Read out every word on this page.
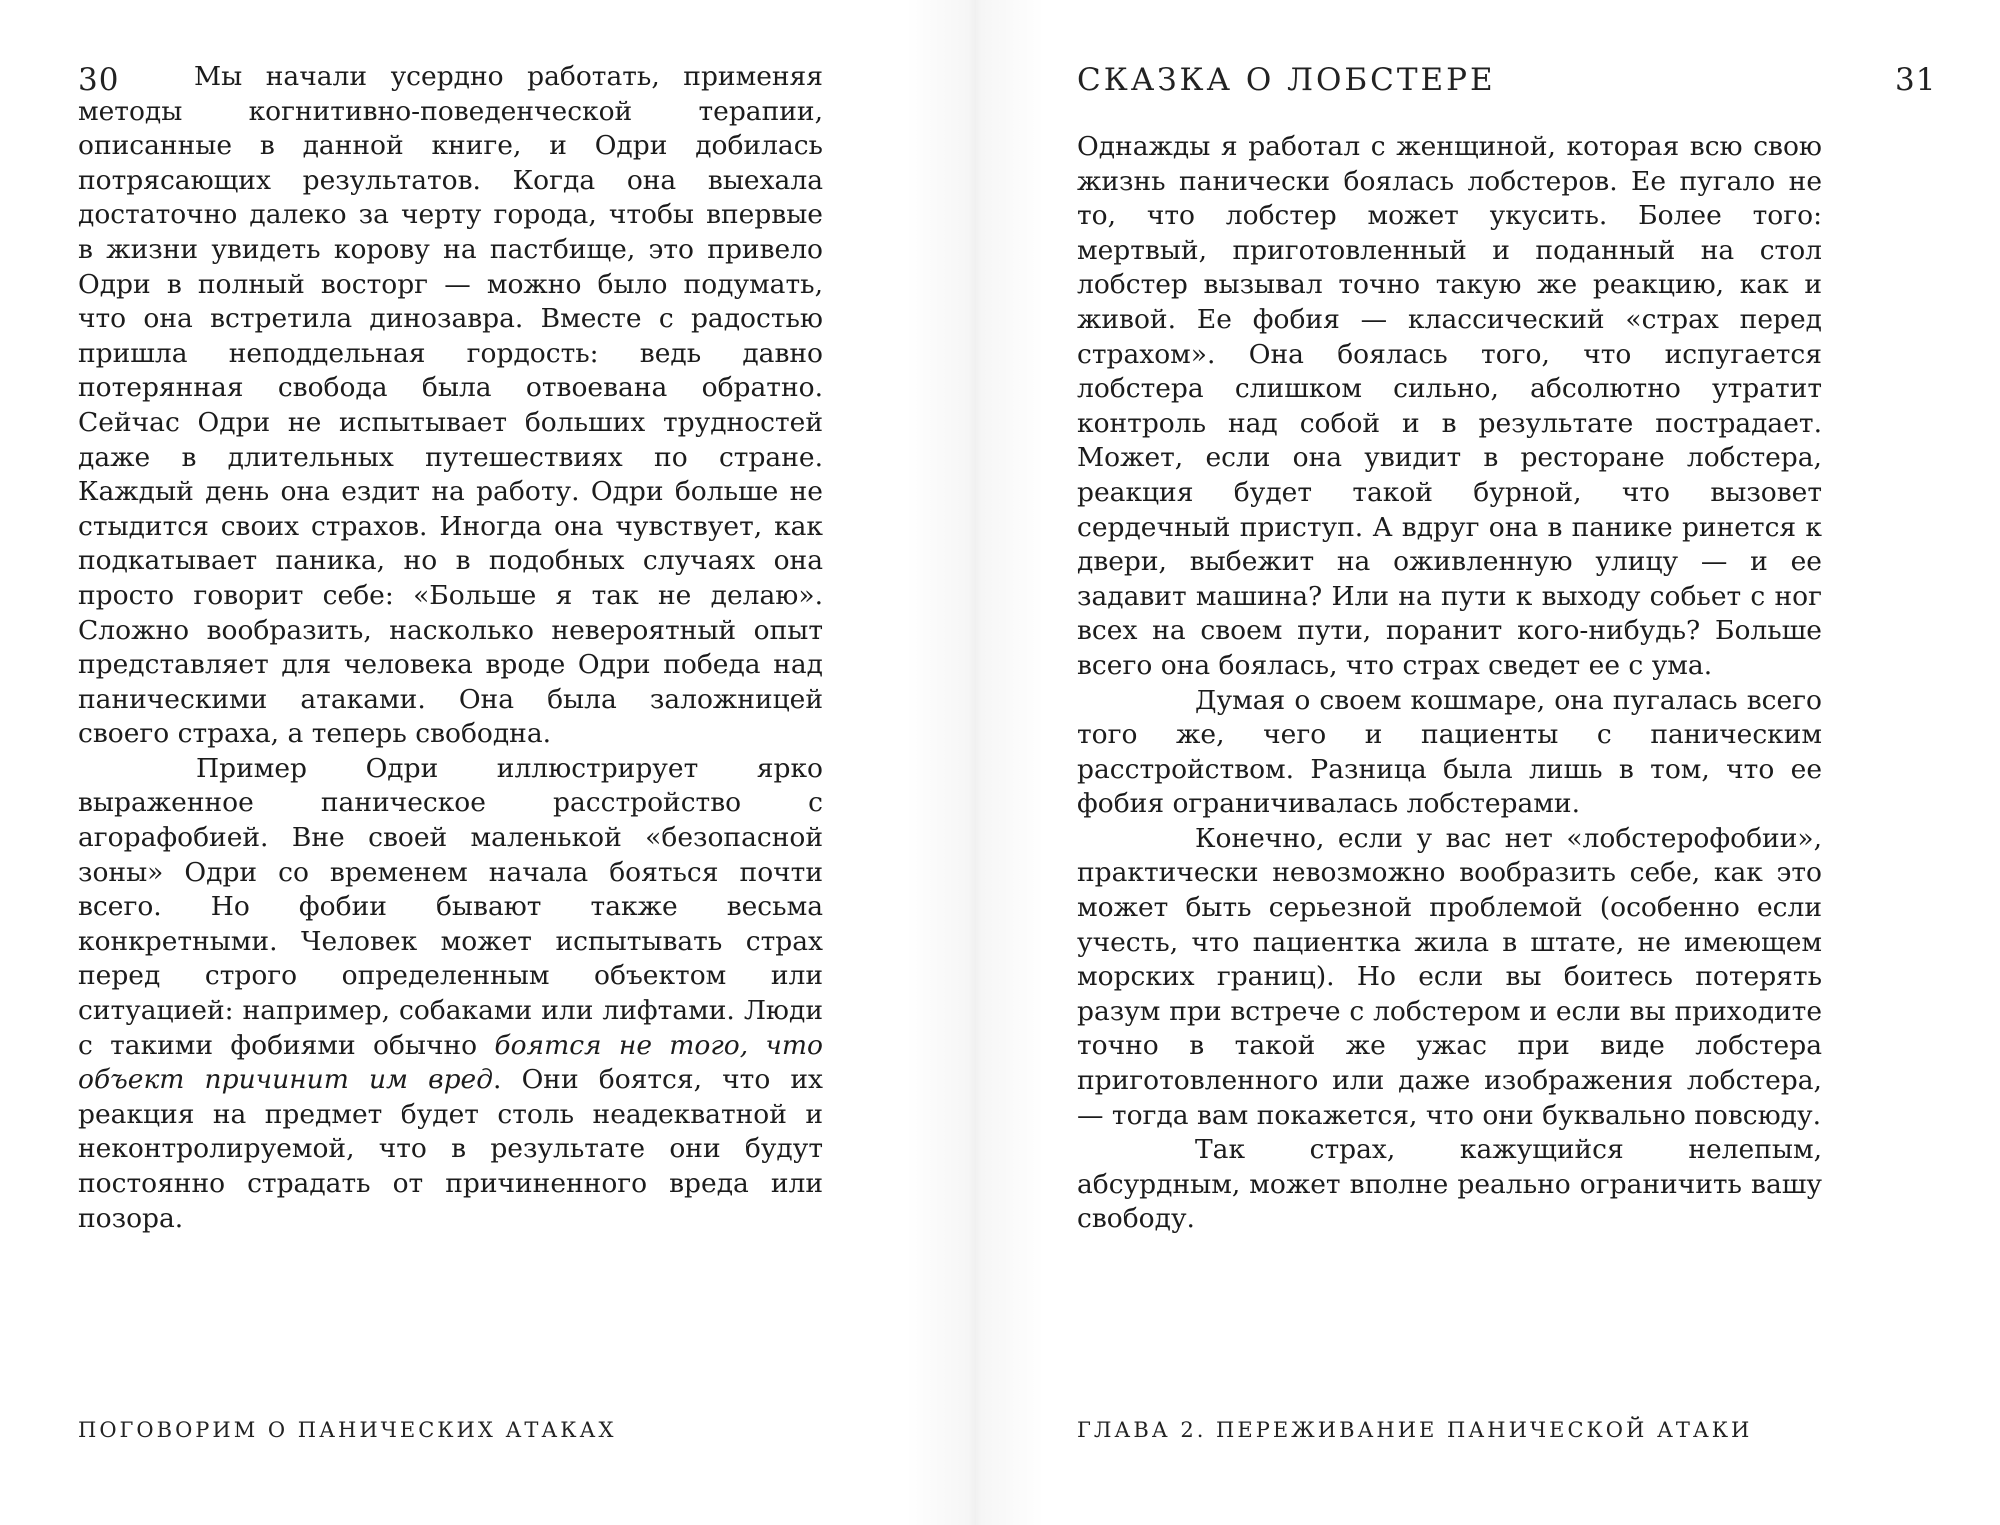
30	Мы начали усердно работать, применяя методы когнитивно-поведенческой терапии, описанные в данной книге, и Одри добилась потрясающих результатов. Когда она выехала достаточно далеко за черту города, чтобы впервые в жизни увидеть корову на пастбище, это привело Одри в полный восторг — можно было подумать, что она встретила динозавра. Вместе с радостью пришла неподдельная гордость: ведь давно потерянная свобода была отвоевана обратно. Сейчас Одри не испытывает больших трудностей даже в длительных путешествиях по стране. Каждый день она ездит на работу. Одри больше не стыдится своих страхов. Иногда она чувствует, как подкатывает паника, но в подобных случаях она просто говорит себе: «Больше я так не делаю». Сложно вообразить, насколько невероятный опыт представляет для человека вроде Одри победа над паническими атаками. Она была заложницей своего страха, а теперь свободна.

Пример Одри иллюстрирует ярко выраженное паническое расстройство с агорафобией. Вне своей маленькой «безопасной зоны» Одри со временем начала бояться почти всего. Но фобии бывают также весьма конкретными. Человек может испытывать страх перед строго определенным объектом или ситуацией: например, собаками или лифтами. Люди с такими фобиями обычно боятся не того, что объект причинит им вред. Они боятся, что их реакция на предмет будет столь неадекватной и неконтролируемой, что в результате они будут постоянно страдать от причиненного вреда или позора.

ПОГОВОРИМ О ПАНИЧЕСКИХ АТАКАХ
СКАЗКА О ЛОБСТЕРЕ	31

Однажды я работал с женщиной, которая всю свою жизнь панически боялась лобстеров. Ее пугало не то, что лобстер может укусить. Более того: мертвый, приготовленный и поданный на стол лобстер вызывал точно такую же реакцию, как и живой. Ее фобия — классический «страх перед страхом». Она боялась того, что испугается лобстера слишком сильно, абсолютно утратит контроль над собой и в результате пострадает. Может, если она увидит в ресторане лобстера, реакция будет такой бурной, что вызовет сердечный приступ. А вдруг она в панике ринется к двери, выбежит на оживленную улицу — и ее задавит машина? Или на пути к выходу собьет с ног всех на своем пути, поранит кого-нибудь? Больше всего она боялась, что страх сведет ее с ума.

Думая о своем кошмаре, она пугалась всего того же, чего и пациенты с паническим расстройством. Разница была лишь в том, что ее фобия ограничивалась лобстерами.

Конечно, если у вас нет «лобстерофобии», практически невозможно вообразить себе, как это может быть серьезной проблемой (особенно если учесть, что пациентка жила в штате, не имеющем морских границ). Но если вы боитесь потерять разум при встрече с лобстером и если вы приходите точно в такой же ужас при виде лобстера приготовленного или даже изображения лобстера, — тогда вам покажется, что они буквально повсюду.

Так страх, кажущийся нелепым, абсурдным, может вполне реально ограничить вашу свободу.

ГЛАВА 2. ПЕРЕЖИВАНИЕ ПАНИЧЕСКОЙ АТАКИ
